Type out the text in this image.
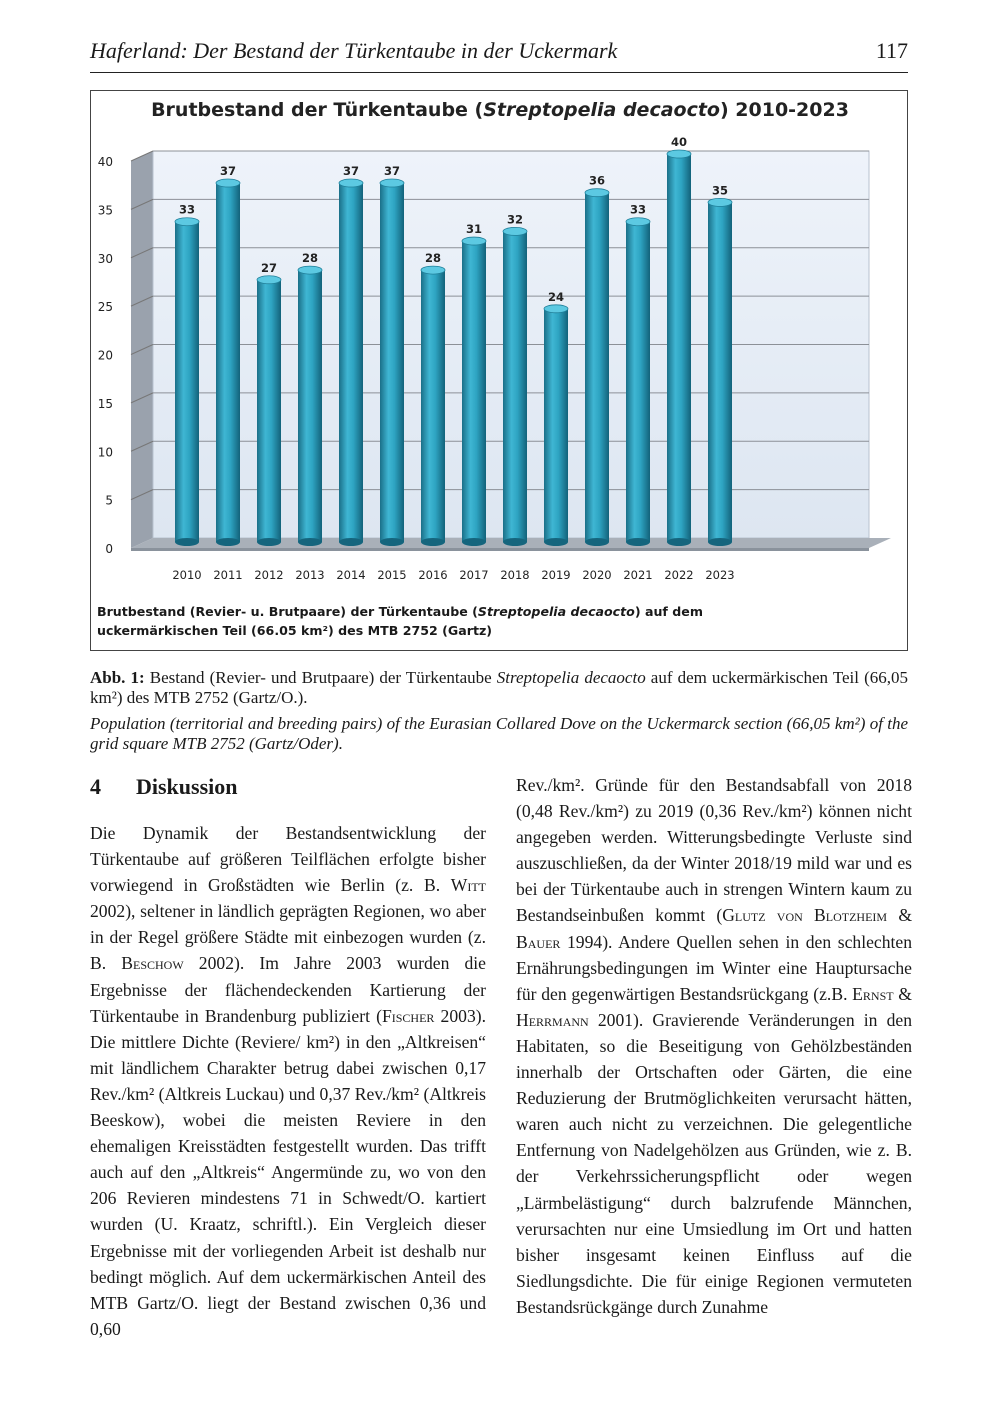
Haferland: Der Bestand der Türkentaube in der Uckermark	117
Brutbestand der Türkentaube (Streptopelia decaocto) 2010-2023
0
5
10
15
20
25
30
35
40
33
37
27
28
37 37
28
31
32
24
36
33
40
35
2010 2011 2012 2013 2014 2015 2016 2017 2018 2019 2020 2021 2022 2023
Brutbestand (Revier- u. Brutpaare) der Türkentaube (Streptopelia decaocto) auf dem
uckermärkischen Teil (66.05 km²) des MTB 2752 (Gartz)

Abb. 1: Bestand (Revier- und Brutpaare) der Türkentaube Streptopelia decaocto auf dem uckermärkischen Teil (66,05 km²) des MTB 2752 (Gartz/O.).

Population (territorial and breeding pairs) of the Eurasian Collared Dove on the Uckermarck section (66,05 km²) of the grid square MTB 2752 (Gartz/Oder).

4 Diskussion

Die Dynamik der Bestandsentwicklung der Türkentaube auf größeren Teilflächen erfolgte bisher vorwiegend in Großstädten wie Berlin (z. B. Witt 2002), seltener in ländlich geprägten Regionen, wo aber in der Regel größere Städte mit einbezogen wurden (z. B. Beschow 2002). Im Jahre 2003 wurden die Ergebnisse der flächendeckenden Kartierung der Türkentaube in Brandenburg publiziert (Fischer 2003). Die mittlere Dichte (Reviere/ km²) in den „Altkreisen“ mit ländlichem Charakter betrug dabei zwischen 0,17 Rev./km² (Altkreis Luckau) und 0,37 Rev./km² (Altkreis Beeskow), wobei die meisten Reviere in den ehemaligen Kreisstädten festgestellt wurden. Das trifft auch auf den „Altkreis“ Angermünde zu, wo von den 206 Revieren mindestens 71 in Schwedt/O. kartiert wurden (U. Kraatz, schriftl.). Ein Vergleich dieser Ergebnisse mit der vorliegenden Arbeit ist deshalb nur bedingt möglich. Auf dem uckermärkischen Anteil des MTB Gartz/O. liegt der Bestand zwischen 0,36 und 0,60

Rev./km². Gründe für den Bestandsabfall von 2018 (0,48 Rev./km²) zu 2019 (0,36 Rev./km²) können nicht angegeben werden. Witterungsbedingte Verluste sind auszuschließen, da der Winter 2018/19 mild war und es bei der Türkentaube auch in strengen Wintern kaum zu Bestandseinbußen kommt (Glutz von Blotzheim & Bauer 1994). Andere Quellen sehen in den schlechten Ernährungsbedingungen im Winter eine Hauptursache für den gegenwärtigen Bestandsrückgang (z.B. Ernst & Herrmann 2001). Gravierende Veränderungen in den Habitaten, so die Beseitigung von Gehölzbeständen innerhalb der Ortschaften oder Gärten, die eine Reduzierung der Brutmöglichkeiten verursacht hätten, waren auch nicht zu verzeichnen. Die gelegentliche Entfernung von Nadelgehölzen aus Gründen, wie z. B. der Verkehrssicherungspflicht oder wegen „Lärmbelästigung“ durch balzrufende Männchen, verursachten nur eine Umsiedlung im Ort und hatten bisher insgesamt keinen Einfluss auf die Siedlungsdichte. Die für einige Regionen vermuteten Bestandsrückgänge durch Zunahme
